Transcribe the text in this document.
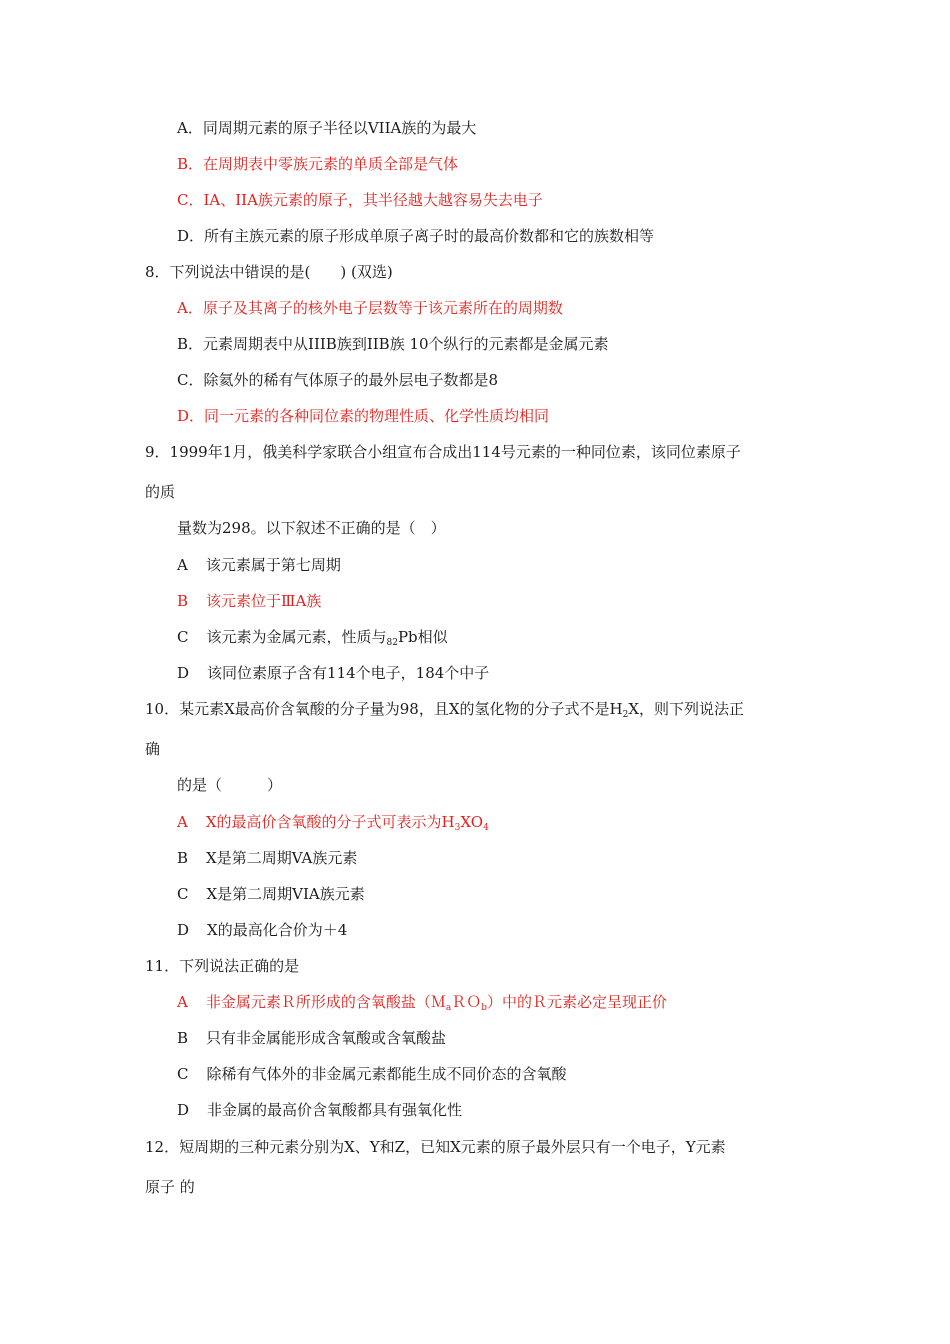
A．同周期元素的原子半径以VIIA族的为最大
B．在周期表中零族元素的单质全部是气体
C．IA、IIA族元素的原子，其半径越大越容易失去电子
D．所有主族元素的原子形成单原子离子时的最高价数都和它的族数相等
8．下列说法中错误的是(　　) (双选)
A．原子及其离子的核外电子层数等于该元素所在的周期数
B．元素周期表中从IIIB族到IIB族 10个纵行的元素都是金属元素
C．除氦外的稀有气体原子的最外层电子数都是8
D．同一元素的各种同位素的物理性质、化学性质均相同
9．1999年1月，俄美科学家联合小组宣布合成出114号元素的一种同位素，该同位素原子
的质
量数为298。以下叙述不正确的是（　）
A 该元素属于第七周期
B 该元素位于ⅢA族
C 该元素为金属元素，性质与$_{82}$Pb相似
D 该同位素原子含有114个电子，184个中子
10．某元素X最高价含氧酸的分子量为98，且X的氢化物的分子式不是$H_2X$，则下列说法正
确
的是（　　　）
A X的最高价含氧酸的分子式可表示为$H_3XO_4$
B X是第二周期VA族元素
C X是第二周期VIA族元素
D X的最高化合价为＋4
11．下列说法正确的是
A 非金属元素Ｒ所形成的含氧酸盐（Ｍ$_a$ＲＯ$_b$）中的Ｒ元素必定呈现正价
B 只有非金属能形成含氧酸或含氧酸盐
C 除稀有气体外的非金属元素都能生成不同价态的含氧酸
D 非金属的最高价含氧酸都具有强氧化性
12．短周期的三种元素分别为X、Y和Z，已知X元素的原子最外层只有一个电子，Y元素
原子 的
